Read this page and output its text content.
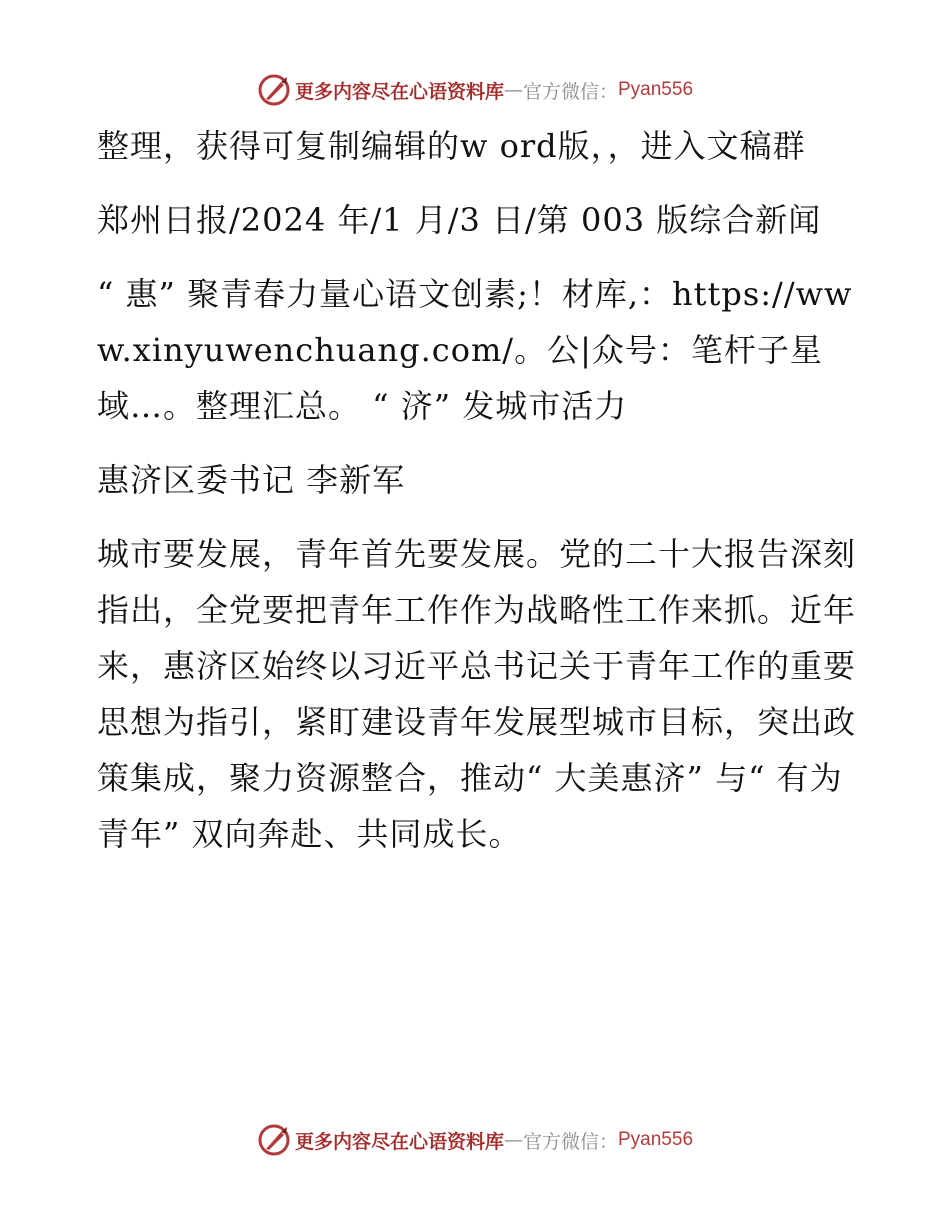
更多内容尽在心语资料库 — 官方微信： Pyan556

整理，获得可复制编辑的w ord版，，进入文稿群

郑州日报/2024 年/1 月/3 日/第 003 版综合新闻

“ 惠” 聚青春力量心语文创素;！材库,：https://www.xinyuwenchuang.com/。公|众号：笔杆子星域…。整理汇总。 “ 济” 发城市活力

惠济区委书记 李新军

城市要发展，青年首先要发展。党的二十大报告深刻指出，全党要把青年工作作为战略性工作来抓。近年来，惠济区始终以习近平总书记关于青年工作的重要思想为指引，紧盯建设青年发展型城市目标，突出政策集成，聚力资源整合，推动“ 大美惠济” 与“ 有为青年” 双向奔赴、共同成长。

更多内容尽在心语资料库 — 官方微信： Pyan556
